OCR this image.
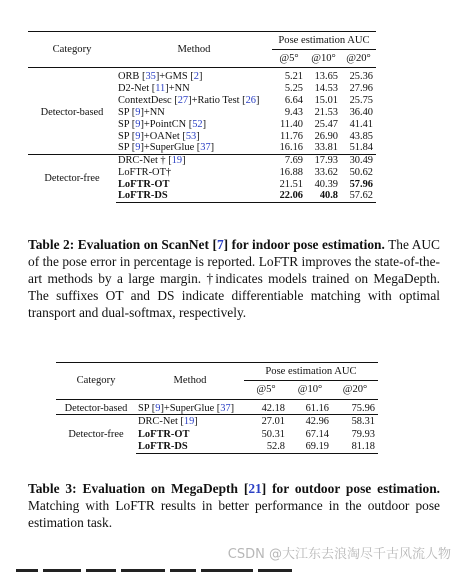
Category	Method	Pose estimation AUC		
		@5°	@10°	@20°
Detector-based	ORB [35]+GMS [2]	5.21	13.65	25.36
	D2-Net [11]+NN	5.25	14.53	27.96
	ContextDesc [27]+Ratio Test [26]	6.64	15.01	25.75
	SP [9]+NN	9.43	21.53	36.40
	SP [9]+PointCN [52]	11.40	25.47	41.41
	SP [9]+OANet [53]	11.76	26.90	43.85
	SP [9]+SuperGlue [37]	16.16	33.81	51.84
Detector-free	DRC-Net † [19]	7.69	17.93	30.49
	LoFTR-OT†	16.88	33.62	50.62
	LoFTR-OT	21.51	40.39	57.96
	LoFTR-DS	22.06	40.8	57.62

Table 2: Evaluation on ScanNet [7] for indoor pose estimation. The AUC of the pose error in percentage is reported. LoFTR improves the state-of-the-art methods by a large margin. †indicates models trained on MegaDepth. The suffixes OT and DS indicate differentiable matching with optimal transport and dual-softmax, respectively.

Category	Method	Pose estimation AUC		
		@5°	@10°	@20°
Detector-based	SP [9]+SuperGlue [37]	42.18	61.16	75.96
Detector-free	DRC-Net [19]	27.01	42.96	58.31
	LoFTR-OT	50.31	67.14	79.93
	LoFTR-DS	52.8	69.19	81.18

Table 3: Evaluation on MegaDepth [21] for outdoor pose estimation. Matching with LoFTR results in better performance in the outdoor pose estimation task.

CSDN @大江东去浪淘尽千古风流人物
